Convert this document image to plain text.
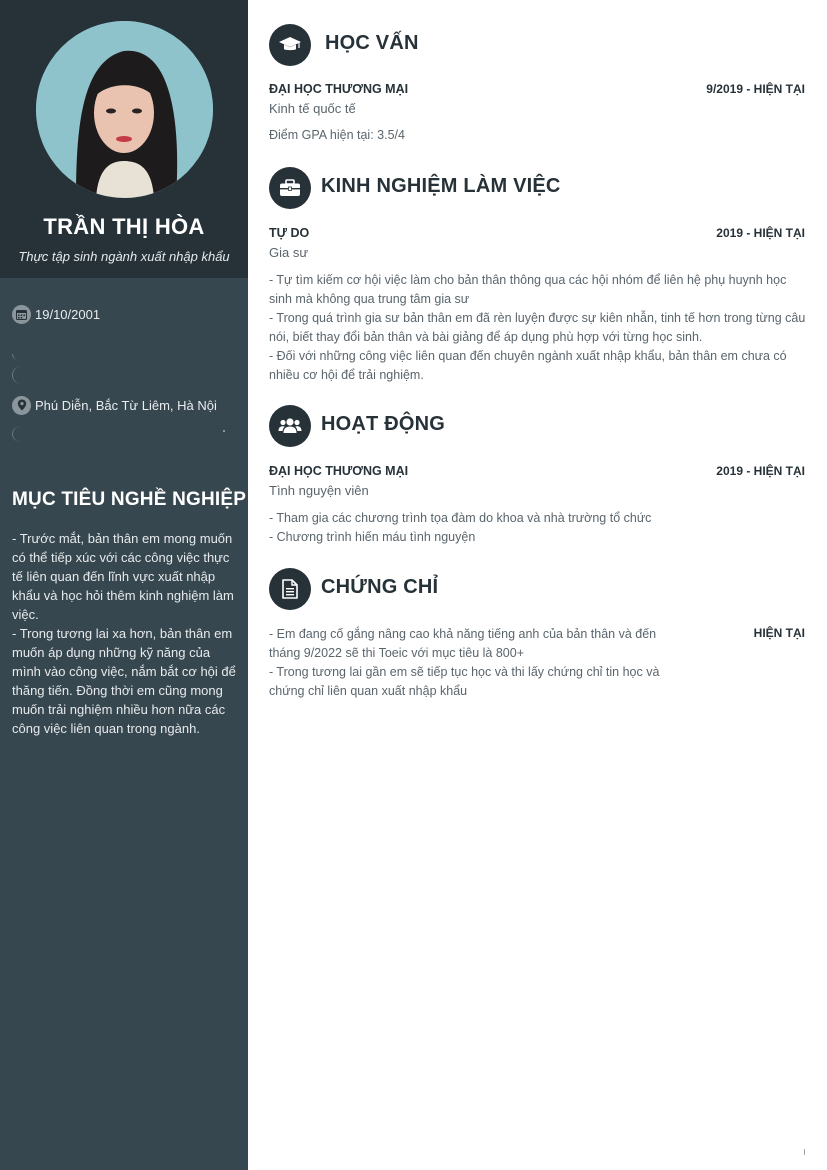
TRẦN THỊ HÒA
Thực tập sinh ngành xuất nhập khẩu
19/10/2001
Phú Diễn, Bắc Từ Liêm, Hà Nội
MỤC TIÊU NGHỀ NGHIỆP
- Trước mắt, bản thân em mong muốn có thể tiếp xúc với các công việc thực tế liên quan đến lĩnh vực xuất nhập khẩu và học hỏi thêm kinh nghiệm làm việc.
- Trong tương lai xa hơn, bản thân em muốn áp dụng những kỹ năng của mình vào công việc, nắm bắt cơ hội để thăng tiến. Đồng thời em cũng mong muốn trải nghiệm nhiều hơn nữa các công việc liên quan trong ngành.
HỌC VẤN
ĐẠI HỌC THƯƠNG MẠI	9/2019 - HIỆN TẠI
Kinh tế quốc tế
Điểm GPA hiện tại: 3.5/4
KINH NGHIỆM LÀM VIỆC
TỰ DO	2019 - HIỆN TẠI
Gia sư
- Tự tìm kiếm cơ hội việc làm cho bản thân thông qua các hội nhóm để liên hệ phụ huynh học sinh mà không qua trung tâm gia sư
- Trong quá trình gia sư bản thân em đã rèn luyện được sự kiên nhẫn, tinh tế hơn trong từng câu nói, biết thay đổi bản thân và bài giảng để áp dụng phù hợp với từng học sinh.
- Đối với những công việc liên quan đến chuyên ngành xuất nhập khẩu, bản thân em chưa có nhiều cơ hội để trải nghiệm.
HOẠT ĐỘNG
ĐẠI HỌC THƯƠNG MẠI	2019 - HIỆN TẠI
Tình nguyện viên
- Tham gia các chương trình tọa đàm do khoa và nhà trường tổ chức
- Chương trình hiến máu tình nguyện
CHỨNG CHỈ
HIỆN TẠI
- Em đang cố gắng nâng cao khả năng tiếng anh của bản thân và đến tháng 9/2022 sẽ thi Toeic với mục tiêu là 800+
- Trong tương lai gần em sẽ tiếp tục học và thi lấy chứng chỉ tin học và chứng chỉ liên quan xuất nhập khẩu
